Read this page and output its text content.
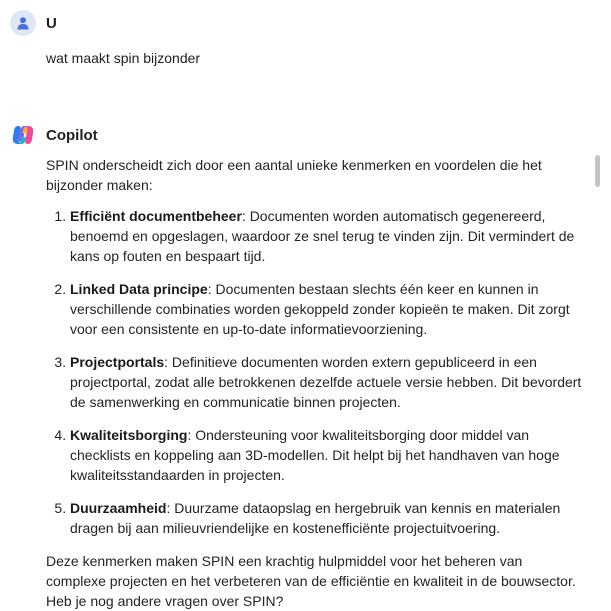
U
wat maakt spin bijzonder
Copilot

SPIN onderscheidt zich door een aantal unieke kenmerken en voordelen die het bijzonder maken:

1. Efficiënt documentbeheer: Documenten worden automatisch gegenereerd, benoemd en opgeslagen, waardoor ze snel terug te vinden zijn. Dit vermindert de kans op fouten en bespaart tijd.
2. Linked Data principe: Documenten bestaan slechts één keer en kunnen in verschillende combinaties worden gekoppeld zonder kopieën te maken. Dit zorgt voor een consistente en up-to-date informatievoorziening.
3. Projectportals: Definitieve documenten worden extern gepubliceerd in een projectportal, zodat alle betrokkenen dezelfde actuele versie hebben. Dit bevordert de samenwerking en communicatie binnen projecten.
4. Kwaliteitsborging: Ondersteuning voor kwaliteitsborging door middel van checklists en koppeling aan 3D-modellen. Dit helpt bij het handhaven van hoge kwaliteitsstandaarden in projecten.
5. Duurzaamheid: Duurzame dataopslag en hergebruik van kennis en materialen dragen bij aan milieuvriendelijke en kostenefficiënte projectuitvoering.

Deze kenmerken maken SPIN een krachtig hulpmiddel voor het beheren van complexe projecten en het verbeteren van de efficiëntie en kwaliteit in de bouwsector. Heb je nog andere vragen over SPIN?
